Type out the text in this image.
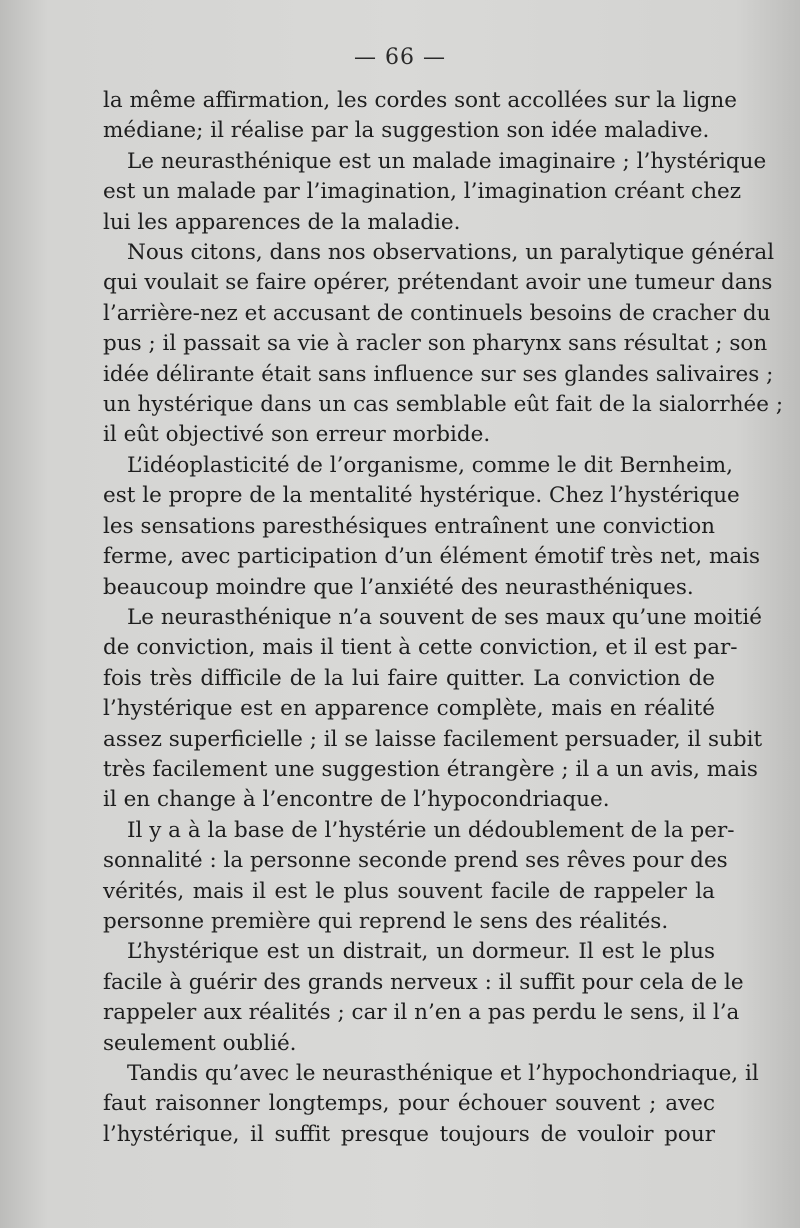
— 66 —
la même affirmation, les cordes sont accollées sur la ligne
médiane; il réalise par la suggestion son idée maladive.
Le neurasthénique est un malade imaginaire ; l’hystérique
est un malade par l’imagination, l’imagination créant chez
lui les apparences de la maladie.
Nous citons, dans nos observations, un paralytique général
qui voulait se faire opérer, prétendant avoir une tumeur dans
l’arrière-nez et accusant de continuels besoins de cracher du
pus ; il passait sa vie à racler son pharynx sans résultat ; son
idée délirante était sans influence sur ses glandes salivaires ;
un hystérique dans un cas semblable eût fait de la sialorrhée ;
il eût objectivé son erreur morbide.
L’idéoplasticité de l’organisme, comme le dit Bernheim,
est le propre de la mentalité hystérique. Chez l’hystérique
les sensations paresthésiques entraînent une conviction
ferme, avec participation d’un élément émotif très net, mais
beaucoup moindre que l’anxiété des neurasthéniques.
Le neurasthénique n’a souvent de ses maux qu’une moitié
de conviction, mais il tient à cette conviction, et il est par-
fois très difficile de la lui faire quitter. La conviction de
l’hystérique est en apparence complète, mais en réalité
assez superficielle ; il se laisse facilement persuader, il subit
très facilement une suggestion étrangère ; il a un avis, mais
il en change à l’encontre de l’hypocondriaque.
Il y a à la base de l’hystérie un dédoublement de la per-
sonnalité : la personne seconde prend ses rêves pour des
vérités, mais il est le plus souvent facile de rappeler la
personne première qui reprend le sens des réalités.
L’hystérique est un distrait, un dormeur. Il est le plus
facile à guérir des grands nerveux : il suffit pour cela de le
rappeler aux réalités ; car il n’en a pas perdu le sens, il l’a
seulement oublié.
Tandis qu’avec le neurasthénique et l’hypochondriaque, il
faut raisonner longtemps, pour échouer souvent ; avec
l’hystérique, il suffit presque toujours de vouloir pour
